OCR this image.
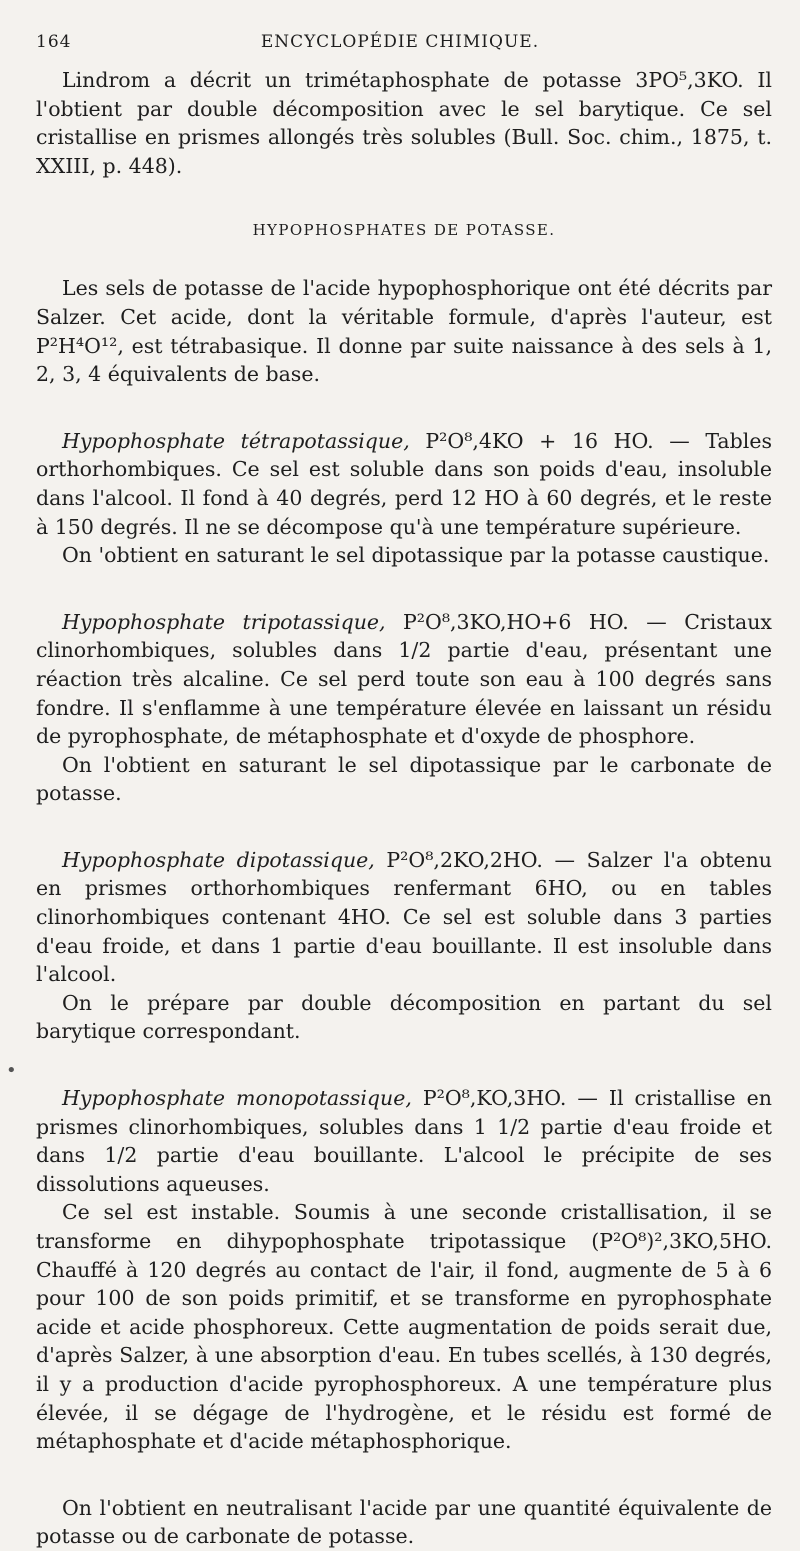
164	ENCYCLOPÉDIE CHIMIQUE.
•

Lindrom a décrit un trimétaphosphate de potasse 3PO⁵,3KO. Il l'obtient par double décomposition avec le sel barytique. Ce sel cristallise en prismes allongés très solubles (Bull. Soc. chim., 1875, t. XXIII, p. 448).

HYPOPHOSPHATES DE POTASSE.

Les sels de potasse de l'acide hypophosphorique ont été décrits par Salzer. Cet acide, dont la véritable formule, d'après l'auteur, est P²H⁴O¹², est tétrabasique. Il donne par suite naissance à des sels à 1, 2, 3, 4 équivalents de base.

Hypophosphate tétrapotassique, P²O⁸,4KO + 16 HO. — Tables orthorhombiques. Ce sel est soluble dans son poids d'eau, insoluble dans l'alcool. Il fond à 40 degrés, perd 12 HO à 60 degrés, et le reste à 150 degrés. Il ne se décompose qu'à une température supérieure.

On 'obtient en saturant le sel dipotassique par la potasse caustique.

Hypophosphate tripotassique, P²O⁸,3KO,HO+6 HO. — Cristaux clinorhombiques, solubles dans 1/2 partie d'eau, présentant une réaction très alcaline. Ce sel perd toute son eau à 100 degrés sans fondre. Il s'enflamme à une température élevée en laissant un résidu de pyrophosphate, de métaphosphate et d'oxyde de phosphore.

On l'obtient en saturant le sel dipotassique par le carbonate de potasse.

Hypophosphate dipotassique, P²O⁸,2KO,2HO. — Salzer l'a obtenu en prismes orthorhombiques renfermant 6HO, ou en tables clinorhombiques contenant 4HO. Ce sel est soluble dans 3 parties d'eau froide, et dans 1 partie d'eau bouillante. Il est insoluble dans l'alcool.

On le prépare par double décomposition en partant du sel barytique correspondant.

Hypophosphate monopotassique, P²O⁸,KO,3HO. — Il cristallise en prismes clinorhombiques, solubles dans 1 1/2 partie d'eau froide et dans 1/2 partie d'eau bouillante. L'alcool le précipite de ses dissolutions aqueuses.

Ce sel est instable. Soumis à une seconde cristallisation, il se transforme en dihypophosphate tripotassique (P²O⁸)²,3KO,5HO. Chauffé à 120 degrés au contact de l'air, il fond, augmente de 5 à 6 pour 100 de son poids primitif, et se transforme en pyrophosphate acide et acide phosphoreux. Cette augmentation de poids serait due, d'après Salzer, à une absorption d'eau. En tubes scellés, à 130 degrés, il y a production d'acide pyrophosphoreux. A une température plus élevée, il se dégage de l'hydrogène, et le résidu est formé de métaphosphate et d'acide métaphosphorique.

On l'obtient en neutralisant l'acide par une quantité équivalente de potasse ou de carbonate de potasse.
